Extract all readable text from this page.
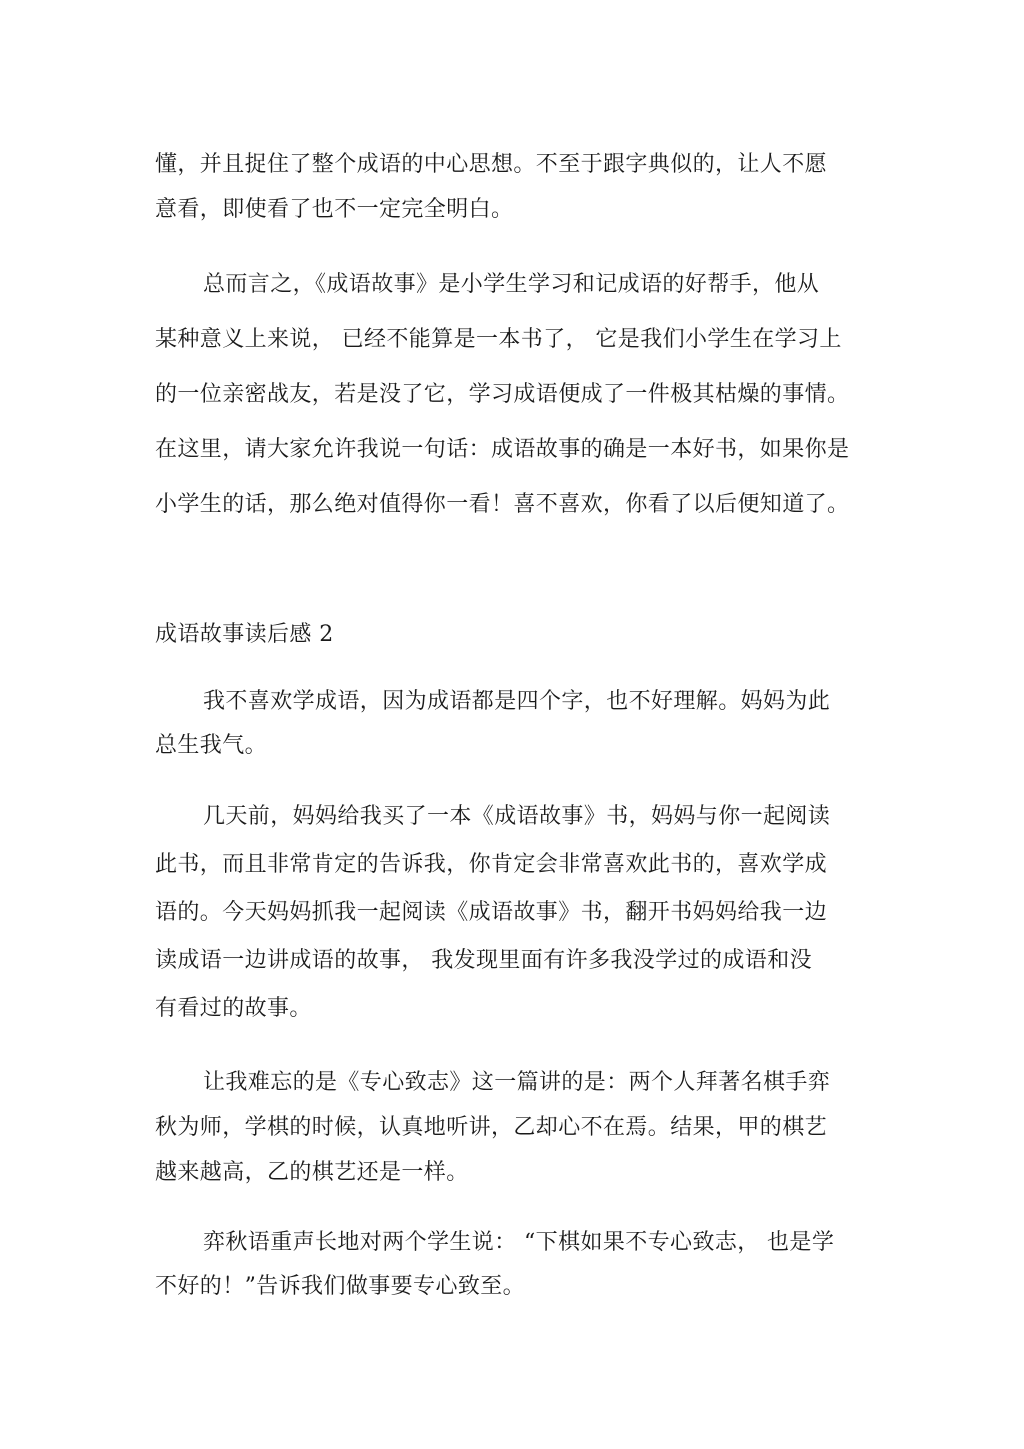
懂，并且捉住了整个成语的中心思想。不至于跟字典似的，让人不愿
意看，即使看了也不一定完全明白。
总而言之，《成语故事》是小学生学习和记成语的好帮手，他从
某种意义上来说， 已经不能算是一本书了， 它是我们小学生在学习上
的一位亲密战友，若是没了它，学习成语便成了一件极其枯燥的事情。
在这里，请大家允许我说一句话：成语故事的确是一本好书，如果你是
小学生的话，那么绝对值得你一看！喜不喜欢，你看了以后便知道了。
成语故事读后感 2
我不喜欢学成语，因为成语都是四个字，也不好理解。妈妈为此
总生我气。
几天前，妈妈给我买了一本《成语故事》书，妈妈与你一起阅读
此书，而且非常肯定的告诉我，你肯定会非常喜欢此书的，喜欢学成
语的。今天妈妈抓我一起阅读《成语故事》书，翻开书妈妈给我一边
读成语一边讲成语的故事， 我发现里面有许多我没学过的成语和没
有看过的故事。
让我难忘的是《专心致志》这一篇讲的是：两个人拜著名棋手弈
秋为师，学棋的时候，认真地听讲，乙却心不在焉。结果，甲的棋艺
越来越高，乙的棋艺还是一样。
弈秋语重声长地对两个学生说： “下棋如果不专心致志， 也是学
不好的！”告诉我们做事要专心致至。
